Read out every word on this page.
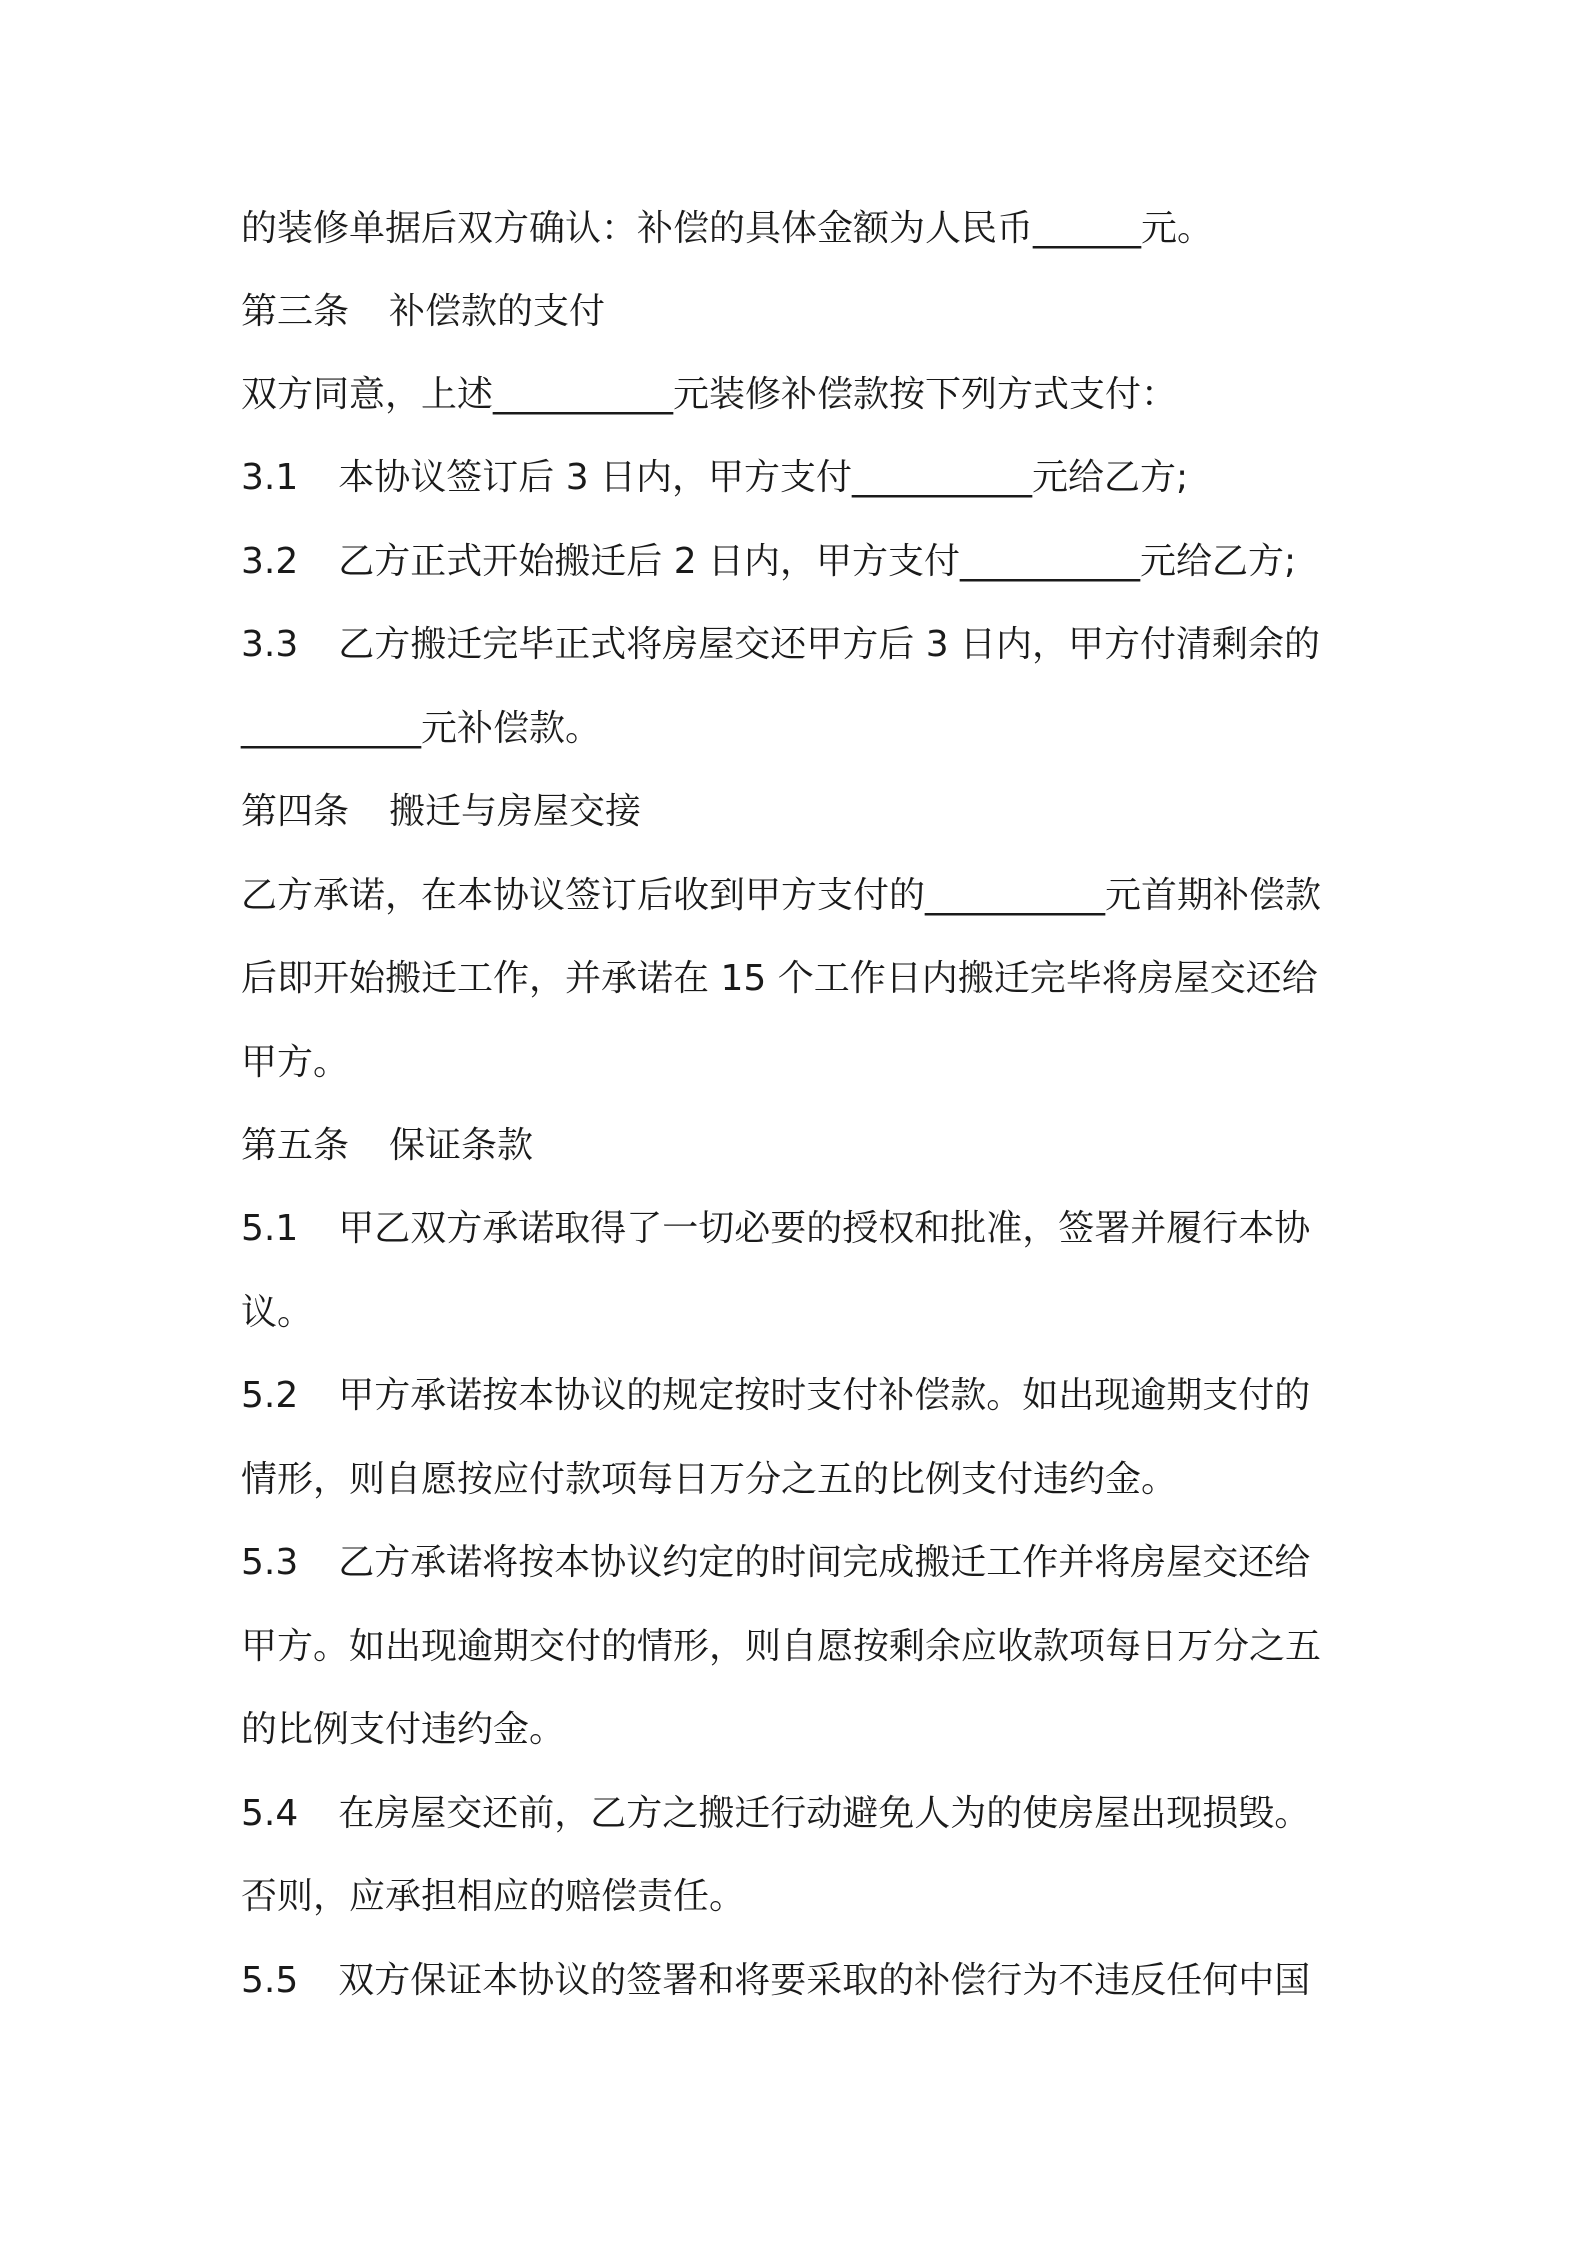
的装修单据后双方确认：补偿的具体金额为人民币______元。
第三条 补偿款的支付
双方同意，上述__________元装修补偿款按下列方式支付：
3.1 本协议签订后 3 日内，甲方支付__________元给乙方;
3.2 乙方正式开始搬迁后 2 日内，甲方支付__________元给乙方;
3.3 乙方搬迁完毕正式将房屋交还甲方后 3 日内，甲方付清剩余的
__________元补偿款。
第四条 搬迁与房屋交接
乙方承诺，在本协议签订后收到甲方支付的__________元首期补偿款
后即开始搬迁工作，并承诺在 15 个工作日内搬迁完毕将房屋交还给
甲方。
第五条 保证条款
5.1 甲乙双方承诺取得了一切必要的授权和批准，签署并履行本协
议。
5.2 甲方承诺按本协议的规定按时支付补偿款。如出现逾期支付的
情形，则自愿按应付款项每日万分之五的比例支付违约金。
5.3 乙方承诺将按本协议约定的时间完成搬迁工作并将房屋交还给
甲方。如出现逾期交付的情形，则自愿按剩余应收款项每日万分之五
的比例支付违约金。
5.4 在房屋交还前，乙方之搬迁行动避免人为的使房屋出现损毁。
否则，应承担相应的赔偿责任。
5.5 双方保证本协议的签署和将要采取的补偿行为不违反任何中国
